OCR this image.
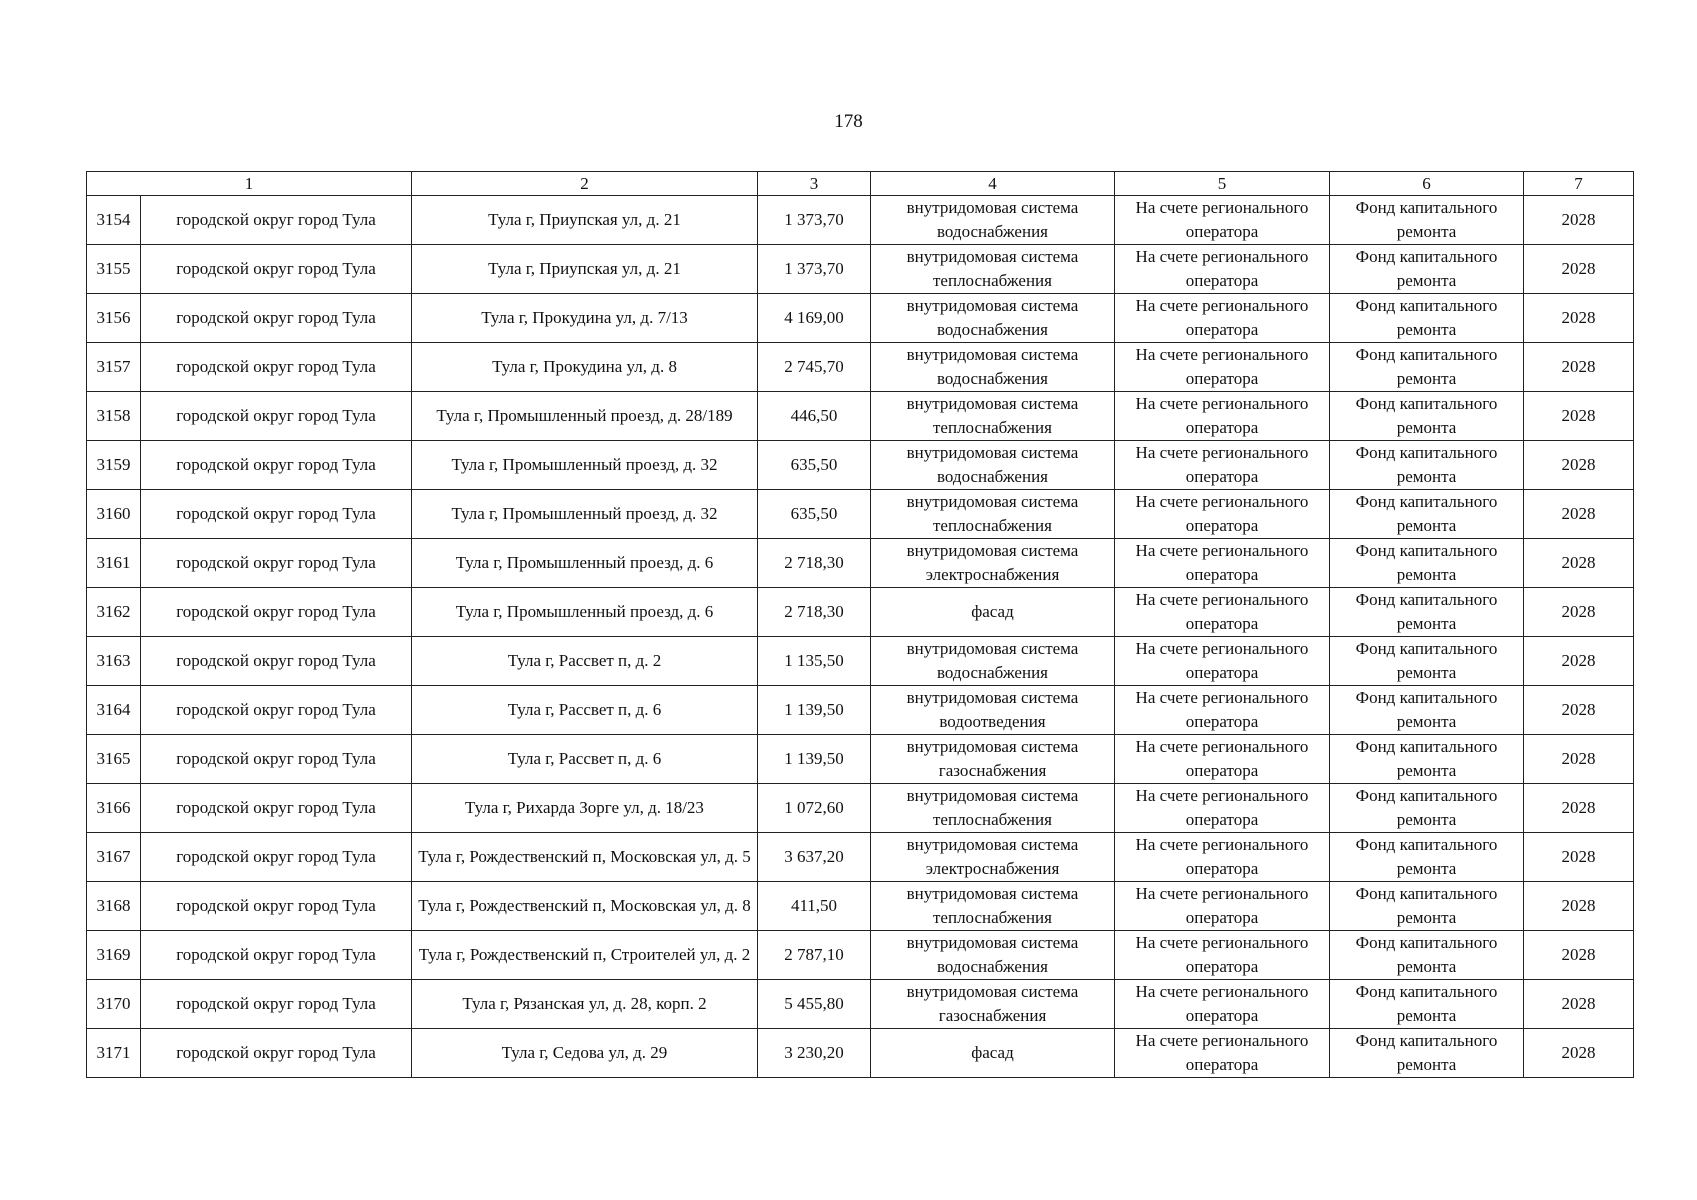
178
1		2	3	4	5	6	7
3154	городской округ город Тула	Тула г, Приупская ул, д. 21	1 373,70	внутридомовая система водоснабжения	На счете регионального оператора	Фонд капитального ремонта	2028
3155	городской округ город Тула	Тула г, Приупская ул, д. 21	1 373,70	внутридомовая система теплоснабжения	На счете регионального оператора	Фонд капитального ремонта	2028
3156	городской округ город Тула	Тула г, Прокудина ул, д. 7/13	4 169,00	внутридомовая система водоснабжения	На счете регионального оператора	Фонд капитального ремонта	2028
3157	городской округ город Тула	Тула г, Прокудина ул, д. 8	2 745,70	внутридомовая система водоснабжения	На счете регионального оператора	Фонд капитального ремонта	2028
3158	городской округ город Тула	Тула г, Промышленный проезд, д. 28/189	446,50	внутридомовая система теплоснабжения	На счете регионального оператора	Фонд капитального ремонта	2028
3159	городской округ город Тула	Тула г, Промышленный проезд, д. 32	635,50	внутридомовая система водоснабжения	На счете регионального оператора	Фонд капитального ремонта	2028
3160	городской округ город Тула	Тула г, Промышленный проезд, д. 32	635,50	внутридомовая система теплоснабжения	На счете регионального оператора	Фонд капитального ремонта	2028
3161	городской округ город Тула	Тула г, Промышленный проезд, д. 6	2 718,30	внутридомовая система электроснабжения	На счете регионального оператора	Фонд капитального ремонта	2028
3162	городской округ город Тула	Тула г, Промышленный проезд, д. 6	2 718,30	фасад	На счете регионального оператора	Фонд капитального ремонта	2028
3163	городской округ город Тула	Тула г, Рассвет п, д. 2	1 135,50	внутридомовая система водоснабжения	На счете регионального оператора	Фонд капитального ремонта	2028
3164	городской округ город Тула	Тула г, Рассвет п, д. 6	1 139,50	внутридомовая система водоотведения	На счете регионального оператора	Фонд капитального ремонта	2028
3165	городской округ город Тула	Тула г, Рассвет п, д. 6	1 139,50	внутридомовая система газоснабжения	На счете регионального оператора	Фонд капитального ремонта	2028
3166	городской округ город Тула	Тула г, Рихарда Зорге ул, д. 18/23	1 072,60	внутридомовая система теплоснабжения	На счете регионального оператора	Фонд капитального ремонта	2028
3167	городской округ город Тула	Тула г, Рождественский п, Московская ул, д. 5	3 637,20	внутридомовая система электроснабжения	На счете регионального оператора	Фонд капитального ремонта	2028
3168	городской округ город Тула	Тула г, Рождественский п, Московская ул, д. 8	411,50	внутридомовая система теплоснабжения	На счете регионального оператора	Фонд капитального ремонта	2028
3169	городской округ город Тула	Тула г, Рождественский п, Строителей ул, д. 2	2 787,10	внутридомовая система водоснабжения	На счете регионального оператора	Фонд капитального ремонта	2028
3170	городской округ город Тула	Тула г, Рязанская ул, д. 28, корп. 2	5 455,80	внутридомовая система газоснабжения	На счете регионального оператора	Фонд капитального ремонта	2028
3171	городской округ город Тула	Тула г, Седова ул, д. 29	3 230,20	фасад	На счете регионального оператора	Фонд капитального ремонта	2028
